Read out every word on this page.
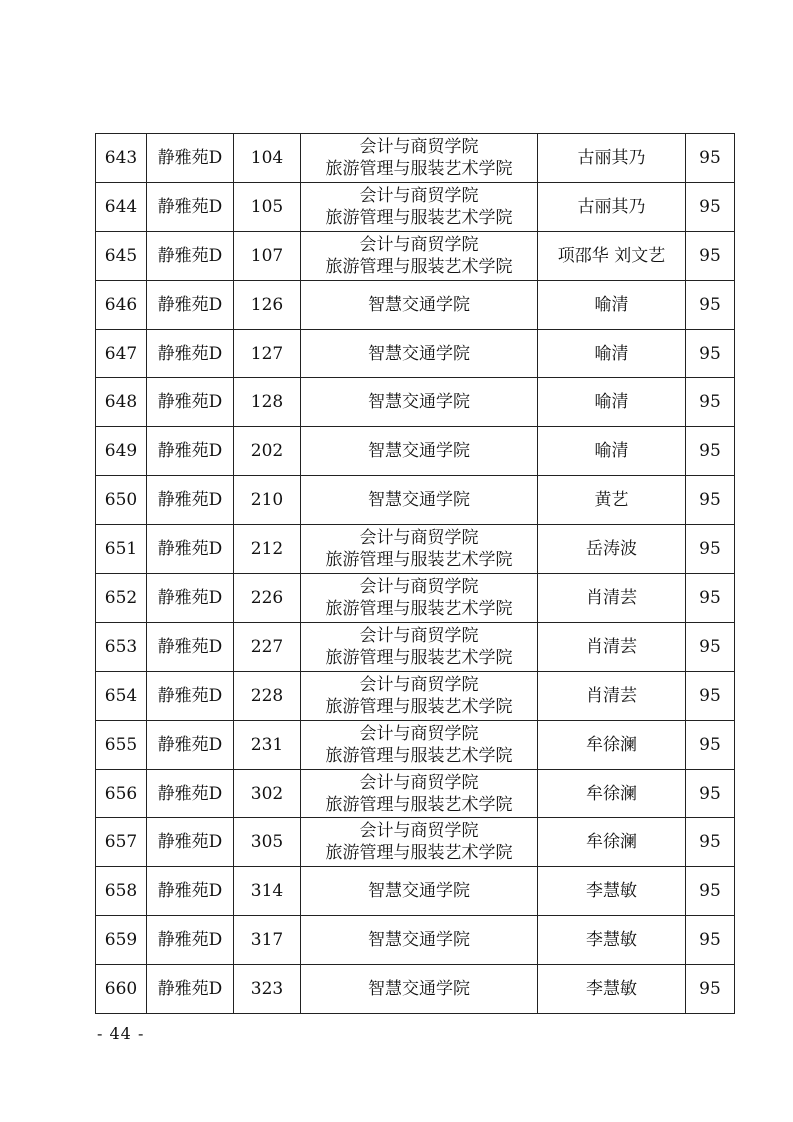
643	静雅苑D	104	会计与商贸学院
旅游管理与服装艺术学院	古丽其乃	95
644	静雅苑D	105	会计与商贸学院
旅游管理与服装艺术学院	古丽其乃	95
645	静雅苑D	107	会计与商贸学院
旅游管理与服装艺术学院	项邵华 刘文艺	95
646	静雅苑D	126	智慧交通学院	喻清	95
647	静雅苑D	127	智慧交通学院	喻清	95
648	静雅苑D	128	智慧交通学院	喻清	95
649	静雅苑D	202	智慧交通学院	喻清	95
650	静雅苑D	210	智慧交通学院	黄艺	95
651	静雅苑D	212	会计与商贸学院
旅游管理与服装艺术学院	岳涛波	95
652	静雅苑D	226	会计与商贸学院
旅游管理与服装艺术学院	肖清芸	95
653	静雅苑D	227	会计与商贸学院
旅游管理与服装艺术学院	肖清芸	95
654	静雅苑D	228	会计与商贸学院
旅游管理与服装艺术学院	肖清芸	95
655	静雅苑D	231	会计与商贸学院
旅游管理与服装艺术学院	牟徐澜	95
656	静雅苑D	302	会计与商贸学院
旅游管理与服装艺术学院	牟徐澜	95
657	静雅苑D	305	会计与商贸学院
旅游管理与服装艺术学院	牟徐澜	95
658	静雅苑D	314	智慧交通学院	李慧敏	95
659	静雅苑D	317	智慧交通学院	李慧敏	95
660	静雅苑D	323	智慧交通学院	李慧敏	95
- 44 -
